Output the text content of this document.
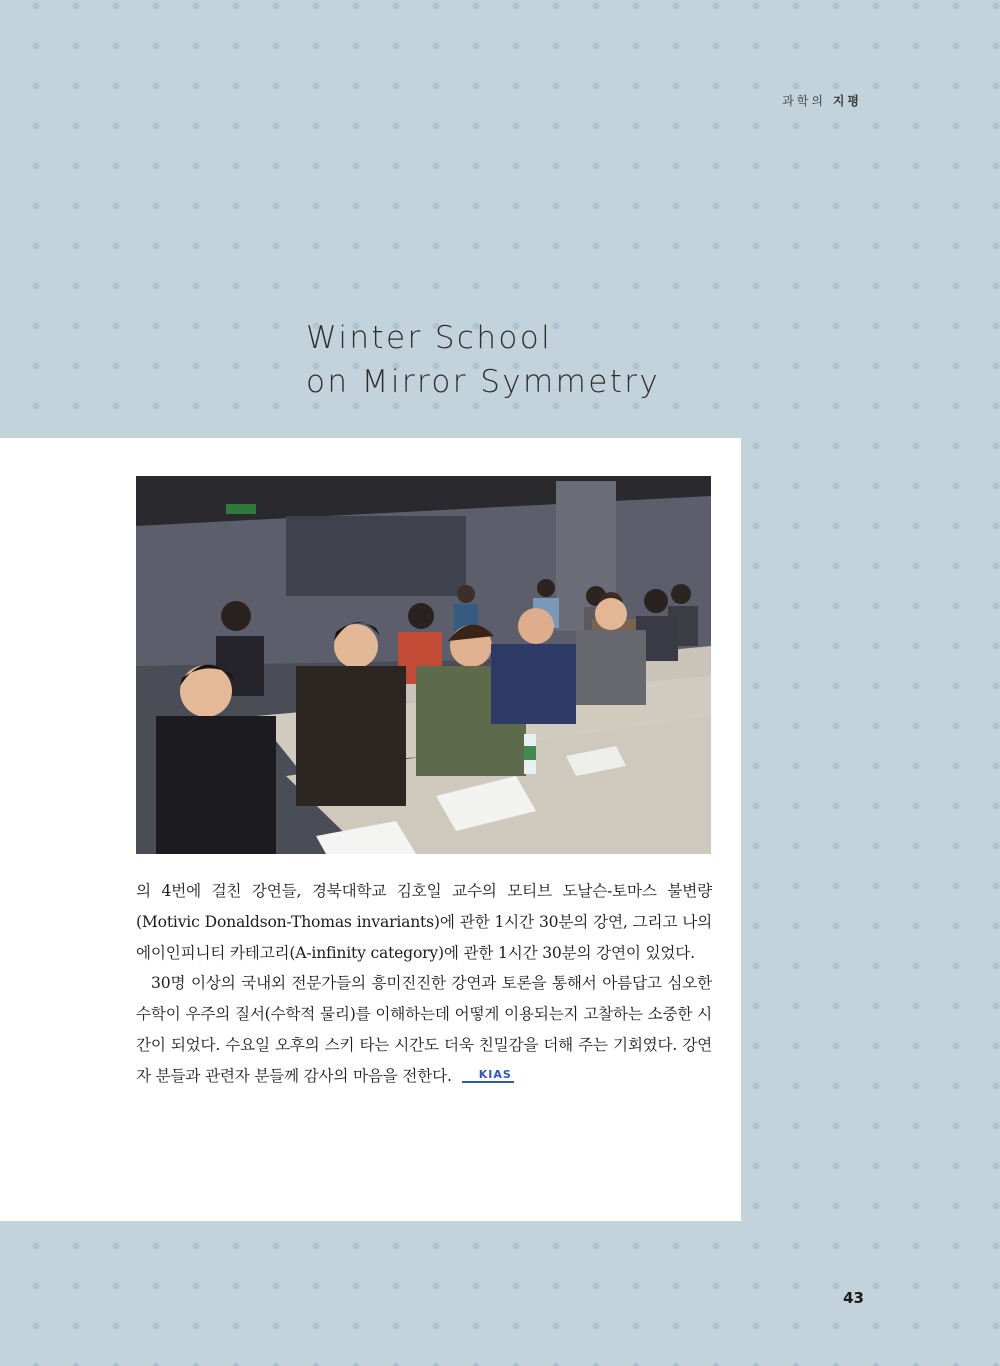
과학의 지평
Winter School
on Mirror Symmetry

의 4번에 걸친 강연들, 경북대학교 김호일 교수의 모티브 도날슨-토마스 불변량(Motivic Donaldson-Thomas invariants)에 관한 1시간 30분의 강연, 그리고 나의 에이인피니티 카테고리(A-infinity category)에 관한 1시간 30분의 강연이 있었다.

30명 이상의 국내외 전문가들의 흥미진진한 강연과 토론을 통해서 아름답고 심오한 수학이 우주의 질서(수학적 물리)를 이해하는데 어떻게 이용되는지 고찰하는 소중한 시간이 되었다. 수요일 오후의 스키 타는 시간도 더욱 친밀감을 더해 주는 기회였다. 강연자 분들과 관련자 분들께 감사의 마음을 전한다. KIAS

43
